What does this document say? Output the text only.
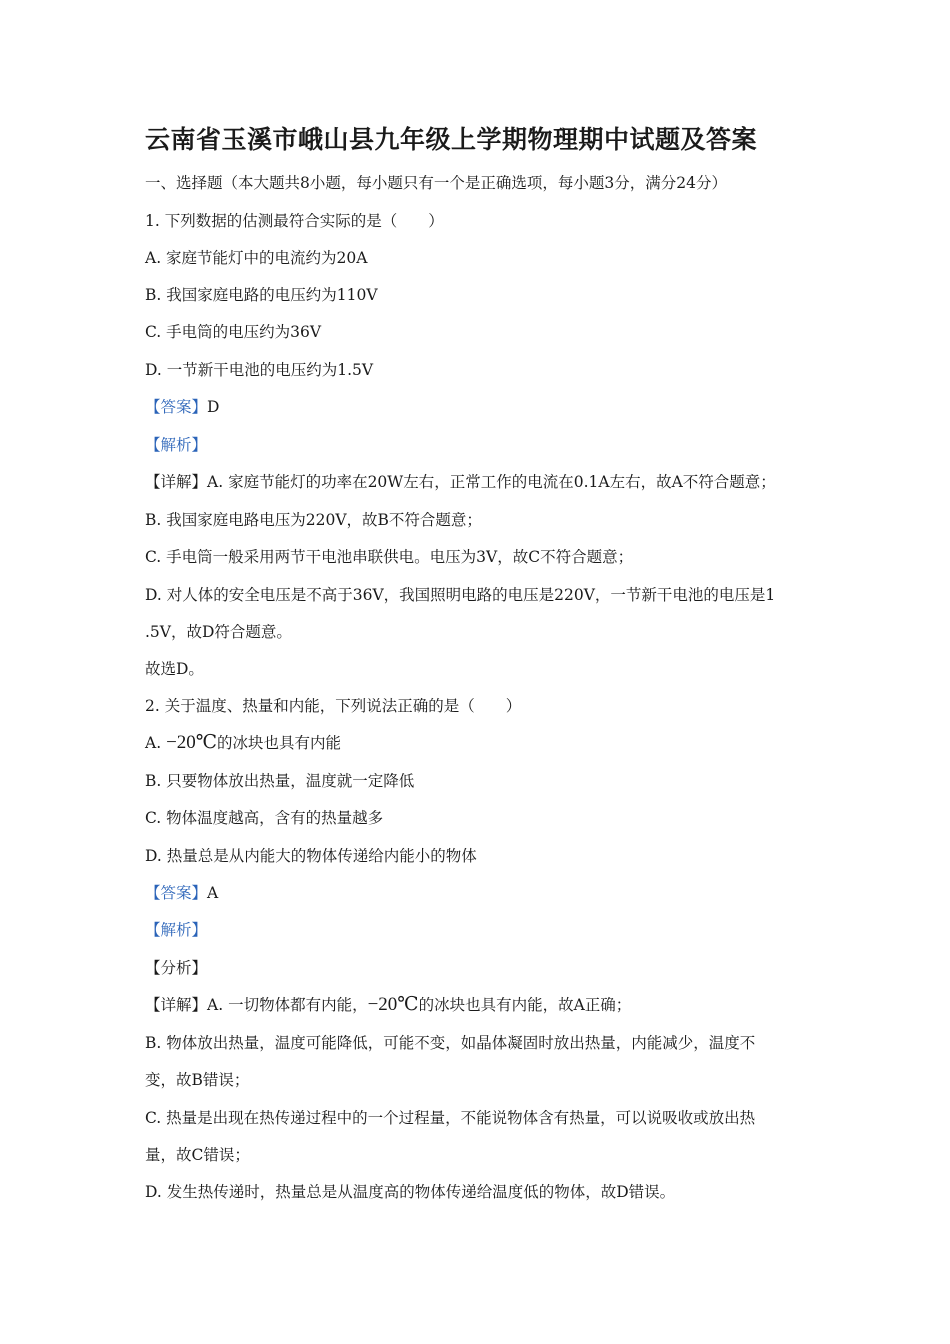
云南省玉溪市峨山县九年级上学期物理期中试题及答案
一、选择题（本大题共8小题，每小题只有一个是正确选项，每小题3分，满分24分）
1. 下列数据的估测最符合实际的是（　　）
A. 家庭节能灯中的电流约为20A
B. 我国家庭电路的电压约为110V
C. 手电筒的电压约为36V
D. 一节新干电池的电压约为1.5V
【答案】D
【解析】
【详解】A. 家庭节能灯的功率在20W左右，正常工作的电流在0.1A左右，故A不符合题意；
B. 我国家庭电路电压为220V，故B不符合题意；
C. 手电筒一般采用两节干电池串联供电。电压为3V，故C不符合题意；
D. 对人体的安全电压是不高于36V，我国照明电路的电压是220V，一节新干电池的电压是1
.5V，故D符合题意。
故选D。
2. 关于温度、热量和内能，下列说法正确的是（　　）
A. −20℃的冰块也具有内能
B. 只要物体放出热量，温度就一定降低
C. 物体温度越高，含有的热量越多
D. 热量总是从内能大的物体传递给内能小的物体
【答案】A
【解析】
【分析】
【详解】A. 一切物体都有内能，−20℃的冰块也具有内能，故A正确；
B. 物体放出热量，温度可能降低，可能不变，如晶体凝固时放出热量，内能减少，温度不
变，故B错误；
C. 热量是出现在热传递过程中的一个过程量，不能说物体含有热量，可以说吸收或放出热
量，故C错误；
D. 发生热传递时，热量总是从温度高的物体传递给温度低的物体，故D错误。
